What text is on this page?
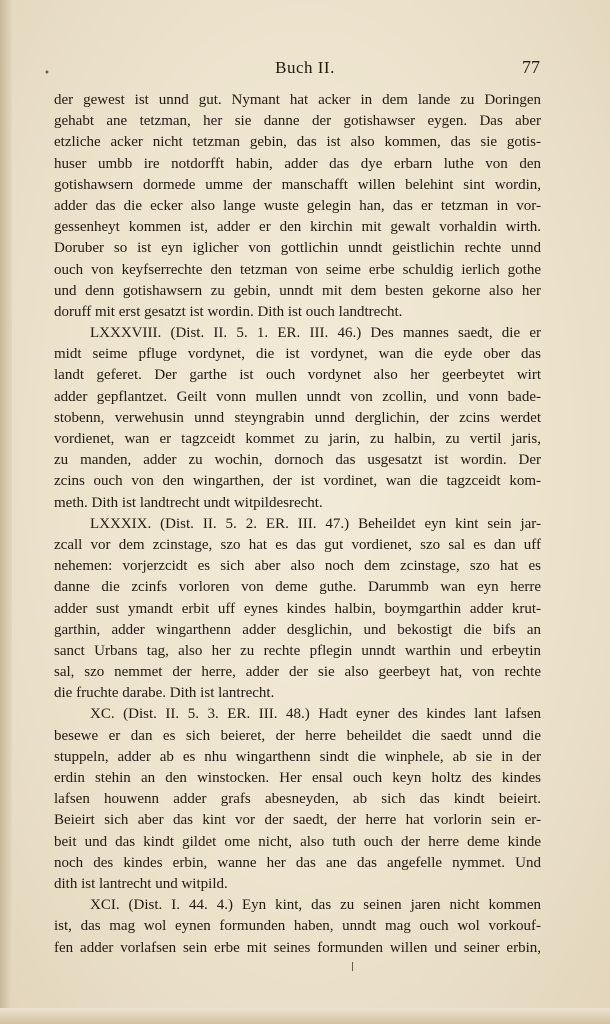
•	Buch II.	77
der gewest ist unnd gut. Nymant hat acker in dem lande zu Doringen
gehabt ane tetzman, her sie danne der gotishawser eygen. Das aber
etzliche acker nicht tetzman gebin, das ist also kommen, das sie gotis-
huser umbb ire notdorfft habin, adder das dye erbarn luthe von den
gotishawsern dormede umme der manschafft willen belehint sint wordin,
adder das die ecker also lange wuste gelegin han, das er tetzman in vor-
gessenheyt kommen ist, adder er den kirchin mit gewalt vorhaldin wirth.
Doruber so ist eyn iglicher von gottlichin unndt geistlichin rechte unnd
ouch von keyfserrechte den tetzman von seime erbe schuldig ierlich gothe
und denn gotishawsern zu gebin, unndt mit dem besten gekorne also her
doruff mit erst gesatzt ist wordin. Dith ist ouch landtrecht.
LXXXVIII. (Dist. II. 5. 1. ER. III. 46.) Des mannes saedt, die er
midt seime pfluge vordynet, die ist vordynet, wan die eyde ober das
landt geferet. Der garthe ist ouch vordynet also her geerbeytet wirt
adder gepflantzet. Geilt vonn mullen unndt von zcollin, und vonn bade-
stobenn, verwehusin unnd steyngrabin unnd derglichin, der zcins werdet
vordienet, wan er tagzceidt kommet zu jarin, zu halbin, zu vertil jaris,
zu manden, adder zu wochin, dornoch das usgesatzt ist wordin. Der
zcins ouch von den wingarthen, der ist vordinet, wan die tagzceidt kom-
meth. Dith ist landtrecht undt witpildesrecht.
LXXXIX. (Dist. II. 5. 2. ER. III. 47.) Beheildet eyn kint sein jar-
zcall vor dem zcinstage, szo hat es das gut vordienet, szo sal es dan uff
nehemen: vorjerzcidt es sich aber also noch dem zcinstage, szo hat es
danne die zcinfs vorloren von deme guthe. Darummb wan eyn herre
adder sust ymandt erbit uff eynes kindes halbin, boymgarthin adder krut-
garthin, adder wingarthenn adder desglichin, und bekostigt die bifs an
sanct Urbans tag, also her zu rechte pflegin unndt warthin und erbeytin
sal, szo nemmet der herre, adder der sie also geerbeyt hat, von rechte
die fruchte darabe. Dith ist lantrecht.
XC. (Dist. II. 5. 3. ER. III. 48.) Hadt eyner des kindes lant lafsen
besewe er dan es sich beieret, der herre beheildet die saedt unnd die
stuppeln, adder ab es nhu wingarthenn sindt die winphele, ab sie in der
erdin stehin an den winstocken. Her ensal ouch keyn holtz des kindes
lafsen houwenn adder grafs abesneyden, ab sich das kindt beieirt.
Beieirt sich aber das kint vor der saedt, der herre hat vorlorin sein er-
beit und das kindt gildet ome nicht, also tuth ouch der herre deme kinde
noch des kindes erbin, wanne her das ane das angefelle nymmet. Und
dith ist lantrecht und witpild.
XCI. (Dist. I. 44. 4.) Eyn kint, das zu seinen jaren nicht kommen
ist, das mag wol eynen formunden haben, unndt mag ouch wol vorkouf-
fen adder vorlafsen sein erbe mit seines formunden willen und seiner erbin,
